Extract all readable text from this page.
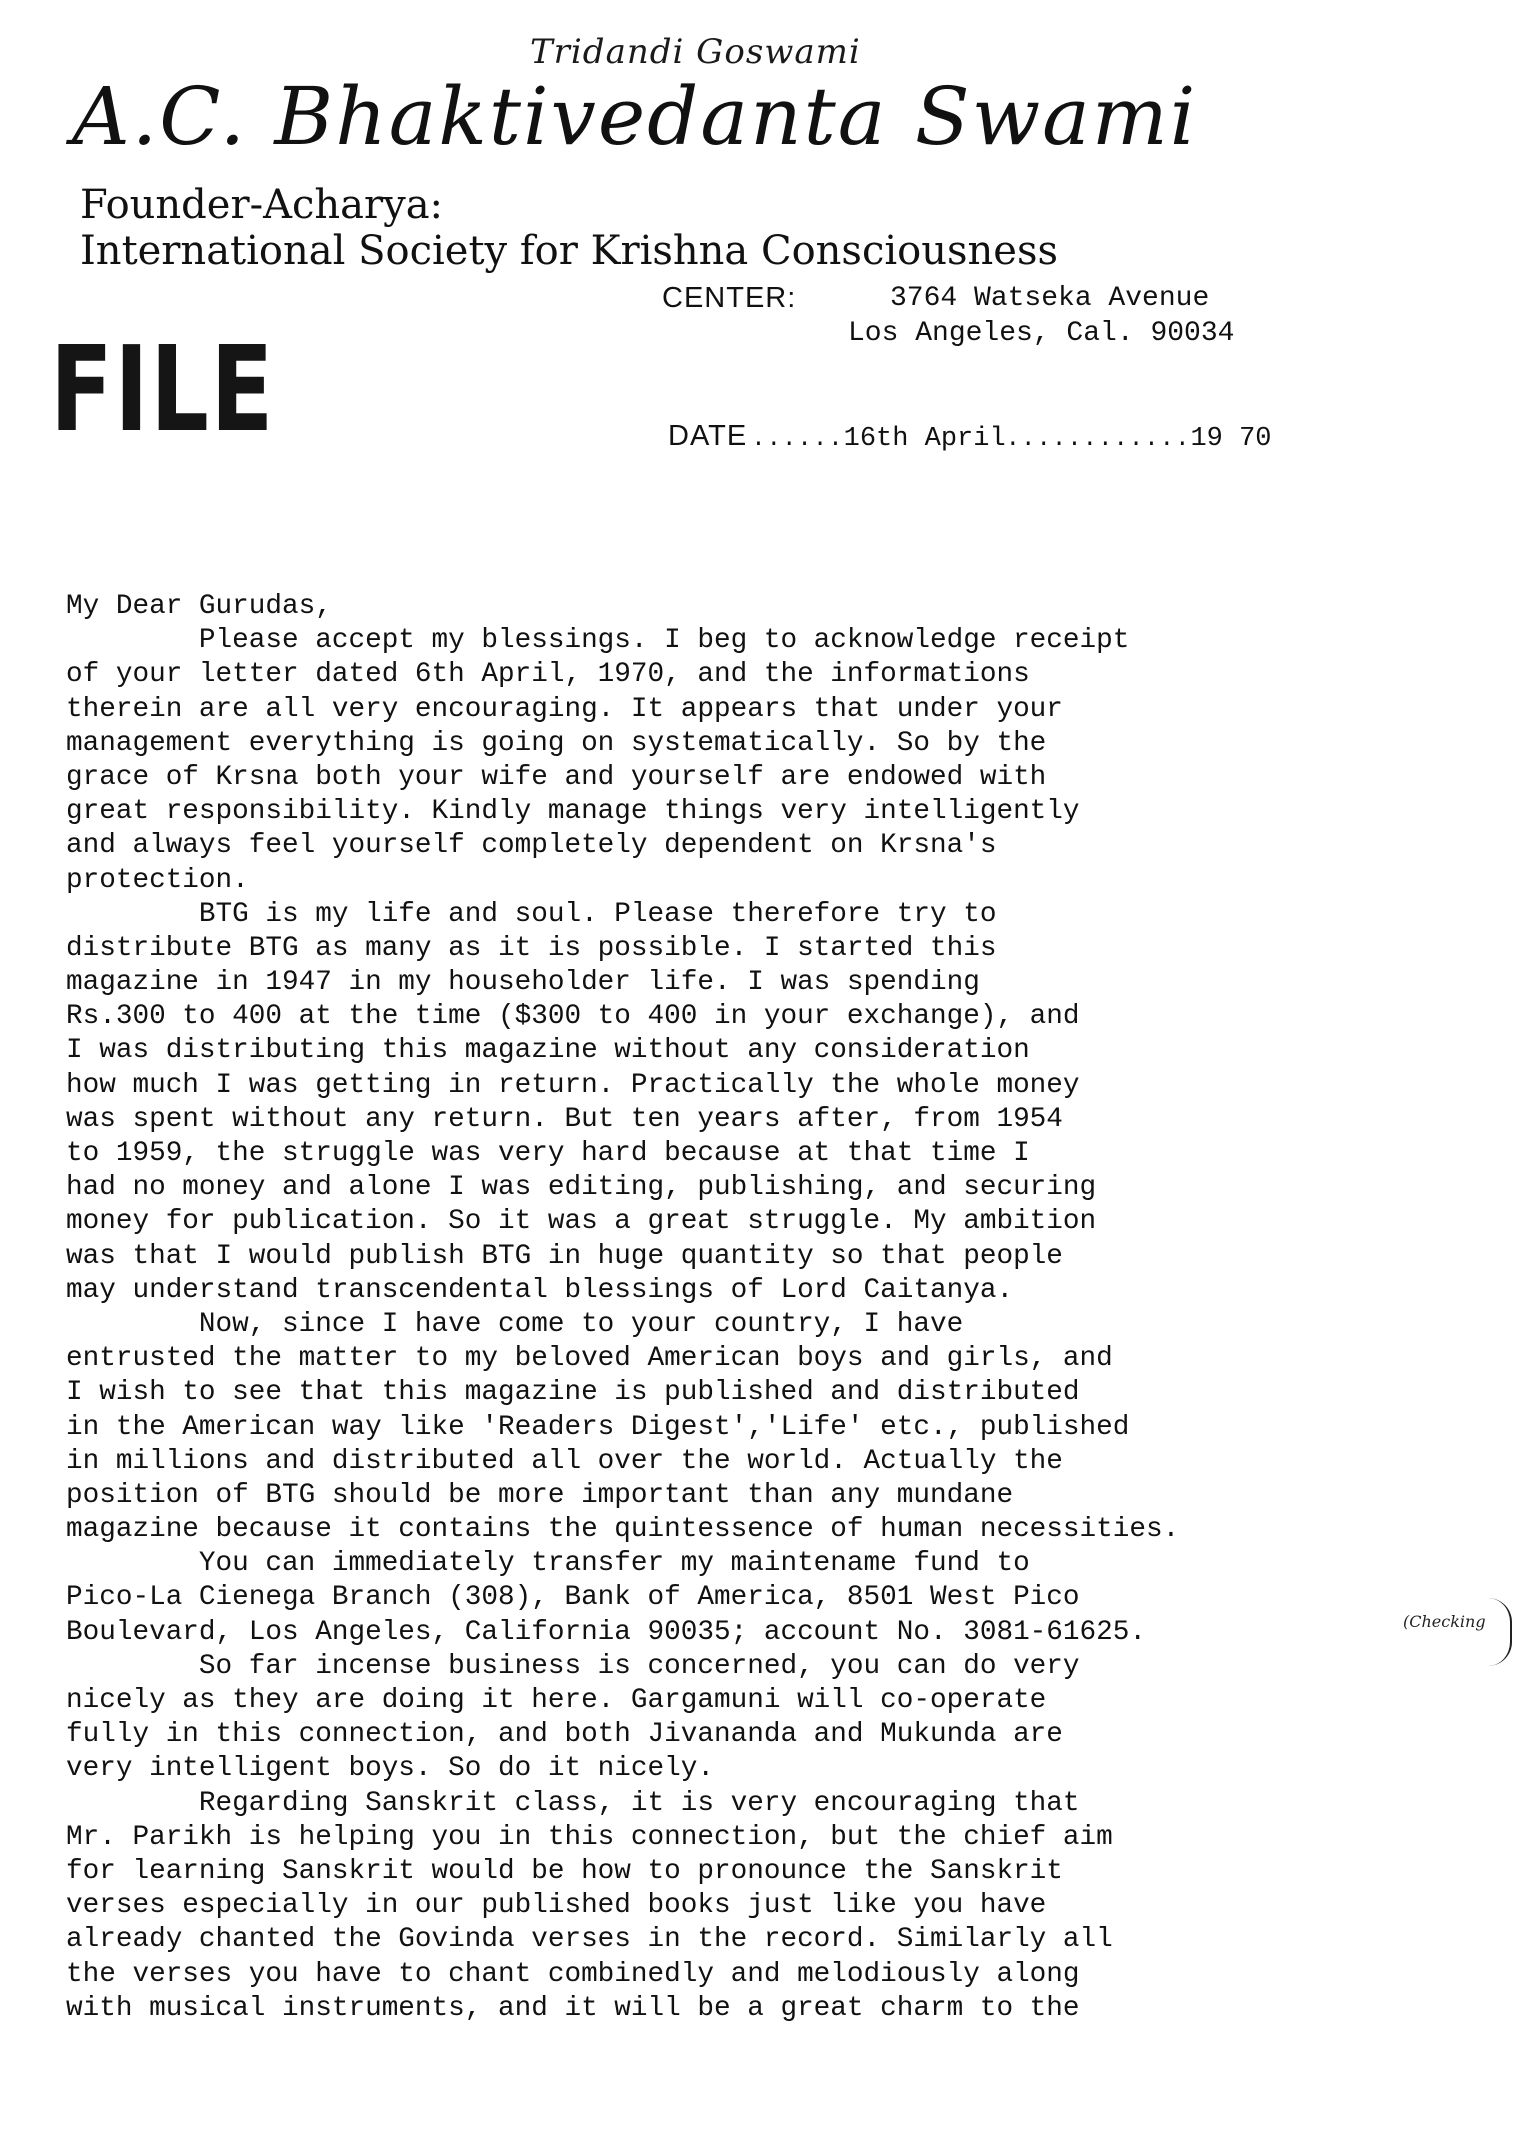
Tridandi Goswami
A.C. Bhaktivedanta Swami
Founder-Acharya:
International Society for Krishna Consciousness
CENTER:	3764 Watseka Avenue
Los Angeles, Cal. 90034
FILE	DATE ......16th April............19 70
My Dear Gurudas,
Please accept my blessings. I beg to acknowledge receipt
of your letter dated 6th April, 1970, and the informations
therein are all very encouraging. It appears that under your
management everything is going on systematically. So by the
grace of Krsna both your wife and yourself are endowed with
great responsibility. Kindly manage things very intelligently
and always feel yourself completely dependent on Krsna's
protection.
BTG is my life and soul. Please therefore try to
distribute BTG as many as it is possible. I started this
magazine in 1947 in my householder life. I was spending
Rs.300 to 400 at the time ($300 to 400 in your exchange), and
I was distributing this magazine without any consideration
how much I was getting in return. Practically the whole money
was spent without any return. But ten years after, from 1954
to 1959, the struggle was very hard because at that time I
had no money and alone I was editing, publishing, and securing
money for publication. So it was a great struggle. My ambition
was that I would publish BTG in huge quantity so that people
may understand transcendental blessings of Lord Caitanya.
Now, since I have come to your country, I have
entrusted the matter to my beloved American boys and girls, and
I wish to see that this magazine is published and distributed
in the American way like 'Readers Digest','Life' etc., published
in millions and distributed all over the world. Actually the
position of BTG should be more important than any mundane
magazine because it contains the quintessence of human necessities.
You can immediately transfer my maintename fund to
Pico-La Cienega Branch (308), Bank of America, 8501 West Pico
Boulevard, Los Angeles, California 90035; account No. 3081-61625.
So far incense business is concerned, you can do very
nicely as they are doing it here. Gargamuni will co-operate
fully in this connection, and both Jivananda and Mukunda are
very intelligent boys. So do it nicely.
Regarding Sanskrit class, it is very encouraging that
Mr. Parikh is helping you in this connection, but the chief aim
for learning Sanskrit would be how to pronounce the Sanskrit
verses especially in our published books just like you have
already chanted the Govinda verses in the record. Similarly all
the verses you have to chant combinedly and melodiously along
with musical instruments, and it will be a great charm to the
(Checking
